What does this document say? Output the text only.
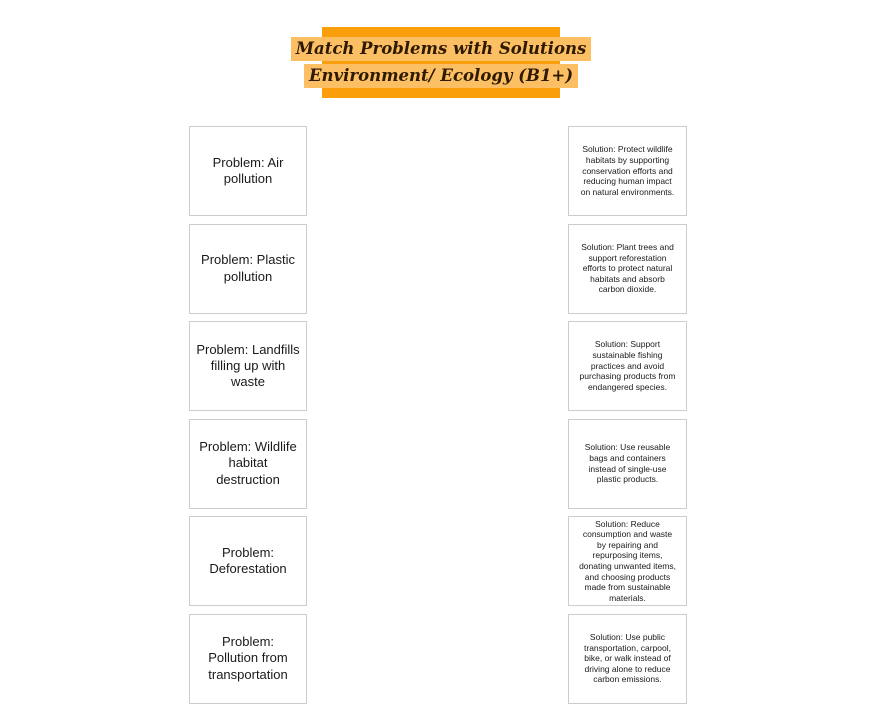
Match Problems with Solutions
Environment/ Ecology (B1+)
Problem: Air pollution
Problem: Plastic pollution
Problem: Landfills filling up with waste
Problem: Wildlife habitat destruction
Problem: Deforestation
Problem: Pollution from transportation
Solution: Protect wildlife habitats by supporting conservation efforts and reducing human impact on natural environments.
Solution: Plant trees and support reforestation efforts to protect natural habitats and absorb carbon dioxide.
Solution: Support sustainable fishing practices and avoid purchasing products from endangered species.
Solution: Use reusable bags and containers instead of single-use plastic products.
Solution: Reduce consumption and waste by repairing and repurposing items, donating unwanted items, and choosing products made from sustainable materials.
Solution: Use public transportation, carpool, bike, or walk instead of driving alone to reduce carbon emissions.
